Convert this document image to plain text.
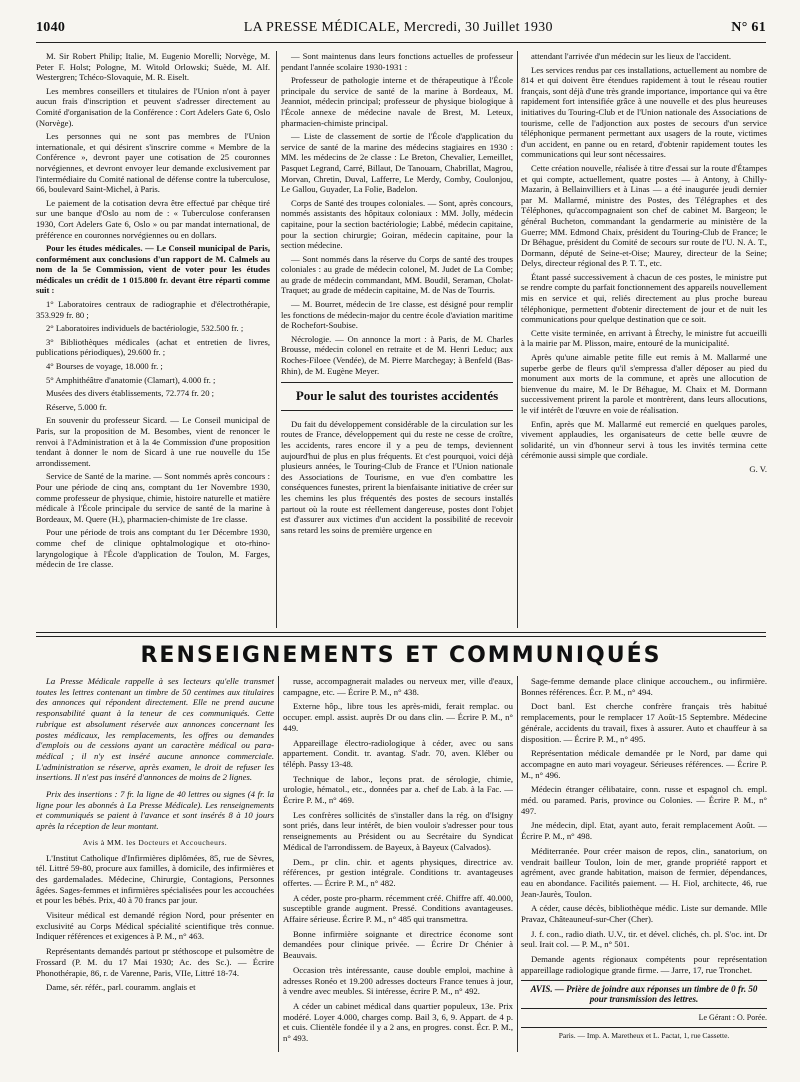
1040	LA PRESSE MÉDICALE, Mercredi, 30 Juillet 1930	N° 61

M. Sir Robert Philip; Italie, M. Eugenio Morelli; Norvège, M. Peter F. Holst; Pologne, M. Witold Orlowski; Suède, M. Alf. Westergren; Tchéco-Slovaquie, M. R. Eiselt.

Les membres conseillers et titulaires de l'Union n'ont à payer aucun frais d'inscription et peuvent s'adresser directement au Comité d'organisation de la Conférence : Cort Adelers Gate 6, Oslo (Norvège).

Les personnes qui ne sont pas membres de l'Union internationale, et qui désirent s'inscrire comme « Membre de la Conférence », devront payer une cotisation de 25 couronnes norvégiennes, et devront envoyer leur demande exclusivement par l'intermédiaire du Comité national de défense contre la tuberculose, 66, boulevard Saint-Michel, à Paris.

Le paiement de la cotisation devra être effectué par chèque tiré sur une banque d'Oslo au nom de : « Tuberculose conferansen 1930, Cort Adelers Gate 6, Oslo » ou par mandat international, de préférence en couronnes norvégiennes ou en dollars.

Pour les études médicales. — Le Conseil municipal de Paris, conformément aux conclusions d'un rapport de M. Calmels au nom de la 5e Commission, vient de voter pour les études médicales un crédit de 1 015.800 fr. devant être réparti comme suit :

1° Laboratoires centraux de radiographie et d'électrothérapie, 353.929 fr. 80 ;

2° Laboratoires individuels de bactériologie, 532.500 fr. ;

3° Bibliothèques médicales (achat et entretien de livres, publications périodiques), 29.600 fr. ;

4° Bourses de voyage, 18.000 fr. ;

5° Amphithéâtre d'anatomie (Clamart), 4.000 fr. ;

Musées des divers établissements, 72.774 fr. 20 ;

Réserve, 5.000 fr.

En souvenir du professeur Sicard. — Le Conseil municipal de Paris, sur la proposition de M. Besombes, vient de renoncer le renvoi à l'Administration et à la 4e Commission d'une proposition tendant à donner le nom de Sicard à une rue nouvelle du 15e arrondissement.

Service de Santé de la marine. — Sont nommés après concours : Pour une période de cinq ans, comptant du 1er Novembre 1930, comme professeur de physique, chimie, histoire naturelle et matière médicale à l'École principale du service de santé de la marine à Bordeaux, M. Quere (H.), pharmacien-chimiste de 1re classe.

Pour une période de trois ans comptant du 1er Décembre 1930, comme chef de clinique ophtalmologique et oto-rhino-laryngologique à l'École d'application de Toulon, M. Farges, médecin de 1re classe.

— Sont maintenus dans leurs fonctions actuelles de professeur pendant l'année scolaire 1930-1931 :

Professeur de pathologie interne et de thérapeutique à l'École principale du service de santé de la marine à Bordeaux, M. Jeanniot, médecin principal; professeur de physique biologique à l'École annexe de médecine navale de Brest, M. Leteux, pharmacien-chimiste principal.

— Liste de classement de sortie de l'École d'application du service de santé de la marine des médecins stagiaires en 1930 : MM. les médecins de 2e classe : Le Breton, Chevalier, Lemeillet, Pasquet Legrand, Carré, Billaut, De Tanouarn, Chabrillat, Magrou, Morvan, Chretin, Duval, Lafferre, Le Merdy, Comby, Coulonjou, Le Gallou, Guyader, La Folie, Badelon.

Corps de Santé des troupes coloniales. — Sont, après concours, nommés assistants des hôpitaux coloniaux : MM. Jolly, médecin capitaine, pour la section bactériologie; Labbé, médecin capitaine, pour la section chirurgie; Goiran, médecin capitaine, pour la section médecine.

— Sont nommés dans la réserve du Corps de santé des troupes coloniales : au grade de médecin colonel, M. Judet de La Combe; au grade de médecin commandant, MM. Boudil, Seraman, Cholat-Traquet; au grade de médecin capitaine, M. de Nas de Tourris.

— M. Bourret, médecin de 1re classe, est désigné pour remplir les fonctions de médecin-major du centre école d'aviation maritime de Rochefort-Soubise.

Nécrologie. — On annonce la mort : à Paris, de M. Charles Brousse, médecin colonel en retraite et de M. Henri Leduc; aux Roches-Filoee (Vendée), de M. Pierre Marchegay; à Benfeld (Bas-Rhin), de M. Eugène Meyer.

Pour le salut des touristes accidentés

Du fait du développement considérable de la circulation sur les routes de France, développement qui du reste ne cesse de croître, les accidents, rares encore il y a peu de temps, deviennent aujourd'hui de plus en plus fréquents. Et c'est pourquoi, voici déjà plusieurs années, le Touring-Club de France et l'Union nationale des Associations de Tourisme, en vue d'en combattre les conséquences funestes, prirent la bienfaisante initiative de créer sur les chemins les plus fréquentés des postes de secours installés partout où la route est réellement dangereuse, postes dont l'objet est d'assurer aux victimes d'un accident la possibilité de recevoir sans retard les soins de première urgence en

attendant l'arrivée d'un médecin sur les lieux de l'accident.

Les services rendus par ces installations, actuellement au nombre de 814 et qui doivent être étendues rapidement à tout le réseau routier français, sont déjà d'une très grande importance, importance qui va être rapidement fort intensifiée grâce à une nouvelle et des plus heureuses initiatives du Touring-Club et de l'Union nationale des Associations de tourisme, celle de l'adjonction aux postes de secours d'un service téléphonique permanent permettant aux usagers de la route, victimes d'un accident, en panne ou en retard, d'obtenir rapidement toutes les communications qui leur sont nécessaires.

Cette création nouvelle, réalisée à titre d'essai sur la route d'Étampes et qui compte, actuellement, quatre postes — à Antony, à Chilly-Mazarin, à Bellainvilliers et à Linas — a été inaugurée jeudi dernier par M. Mallarmé, ministre des Postes, des Télégraphes et des Téléphones, qu'accompagnaient son chef de cabinet M. Bargeon; le général Bucheton, commandant la gendarmerie au ministère de la Guerre; MM. Edmond Chaix, président du Touring-Club de France; le Dr Béhague, président du Comité de secours sur route de l'U. N. A. T., Dormann, député de Seine-et-Oise; Maurey, directeur de la Seine; Delys, directeur régional des P. T. T., etc.

Étant passé successivement à chacun de ces postes, le ministre put se rendre compte du parfait fonctionnement des appareils nouvellement mis en service et qui, reliés directement au plus proche bureau téléphonique, permettent d'obtenir directement de jour et de nuit les communications pour quelque destination que ce soit.

Cette visite terminée, en arrivant à Étrechy, le ministre fut accueilli à la mairie par M. Plisson, maire, entouré de la municipalité.

Après qu'une aimable petite fille eut remis à M. Mallarmé une superbe gerbe de fleurs qu'il s'empressa d'aller déposer au pied du monument aux morts de la commune, et après une allocution de bienvenue du maire, M. le Dr Béhague, M. Chaix et M. Dormann successivement prirent la parole et montrèrent, dans leurs allocutions, le vif intérêt de l'œuvre en voie de réalisation.

Enfin, après que M. Mallarmé eut remercié en quelques paroles, vivement applaudies, les organisateurs de cette belle œuvre de solidarité, un vin d'honneur servi à tous les invités termina cette cérémonie aussi simple que cordiale.

G. V.

RENSEIGNEMENTS ET COMMUNIQUÉS

La Presse Médicale rappelle à ses lecteurs qu'elle transmet toutes les lettres contenant un timbre de 50 centimes aux titulaires des annonces qui répondent directement. Elle ne prend aucune responsabilité quant à la teneur de ces communiqués. Cette rubrique est absolument réservée aux annonces concernant les postes médicaux, les remplacements, les offres ou demandes d'emplois ou de cessions ayant un caractère médical ou para-médical ; il n'y est inséré aucune annonce commerciale. L'administration se réserve, après examen, le droit de refuser les insertions. Il n'est pas inséré d'annonces de moins de 2 lignes.

Prix des insertions : 7 fr. la ligne de 40 lettres ou signes (4 fr. la ligne pour les abonnés à La Presse Médicale). Les renseignements et communiqués se paient à l'avance et sont insérés 8 à 10 jours après la réception de leur montant.

Avis à MM. les Docteurs et Accoucheurs.

L'Institut Catholique d'Infirmières diplômées, 85, rue de Sèvres, tél. Littré 59-80, procure aux familles, à domicile, des infirmières et des gardemalades. Médecine, Chirurgie, Contagions, Personnes âgées. Sages-femmes et infirmières spécialisées pour les accouchées et pour les bébés. Prix, 40 à 70 francs par jour.

Visiteur médical est demandé région Nord, pour présenter en exclusivité au Corps Médical spécialité scientifique très connue. Indiquer références et exigences à P. M., n° 463.

Représentants demandés partout pr stéthoscope et pulsomètre de Frossard (P. M. du 17 Mai 1930; Ac. des Sc.). — Écrire Phonothérapie, 86, r. de Varenne, Paris, VIIe, Littré 18-74.

Dame, sér. référ., parl. couramm. anglais et

russe, accompagnerait malades ou nerveux mer, ville d'eaux, campagne, etc. — Écrire P. M., n° 438.

Externe hôp., libre tous les après-midi, ferait remplac. ou occuper. empl. assist. auprès Dr ou dans clin. — Écrire P. M., n° 449.

Appareillage électro-radiologique à céder, avec ou sans appartement. Condit. tr. avantag. S'adr. 70, aven. Kléber ou téléph. Passy 13-48.

Technique de labor., leçons prat. de sérologie, chimie, urologie, hématol., etc., données par a. chef de Lab. à la Fac. — Écrire P. M., n° 469.

Les confrères sollicités de s'installer dans la rég. on d'Isigny sont priés, dans leur intérêt, de bien vouloir s'adresser pour tous renseignements au Président ou au Secrétaire du Syndicat Médical de l'arrondissem. de Bayeux, à Bayeux (Calvados).

Dem., pr clin. chir. et agents physiques, directrice av. références, pr gestion intégrale. Conditions tr. avantageuses offertes. — Écrire P. M., n° 482.

A céder, poste pro-pharm. récemment créé. Chiffre aff. 40.000, susceptible grande augment. Pressé. Conditions avantageuses. Affaire sérieuse. Écrire P. M., n° 485 qui transmettra.

Bonne infirmière soignante et directrice économe sont demandées pour clinique privée. — Écrire Dr Chénier à Beauvais.

Occasion très intéressante, cause double emploi, machine à adresses Ronéo et 19.200 adresses docteurs France tenues à jour, à vendre avec meubles. Si intéresse, écrire P. M., n° 492.

A céder un cabinet médical dans quartier populeux, 13e. Prix modéré. Loyer 4.000, charges comp. Bail 3, 6, 9. Appart. de 4 p. et cuis. Clientèle fondée il y a 2 ans, en progres. const. Écr. P. M., n° 493.

Sage-femme demande place clinique accouchem., ou infirmière. Bonnes références. Écr. P. M., n° 494.

Doct banl. Est cherche confrère français très habitué remplacements, pour le remplacer 17 Août-15 Septembre. Médecine générale, accidents du travail, fixes à assurer. Auto et chauffeur à sa disposition. — Écrire P. M., n° 495.

Représentation médicale demandée pr le Nord, par dame qui accompagne en auto mari voyageur. Sérieuses références. — Écrire P. M., n° 496.

Médecin étranger célibataire, conn. russe et espagnol ch. empl. méd. ou paramed. Paris, province ou Colonies. — Écrire P. M., n° 497.

Jne médecin, dipl. Etat, ayant auto, ferait remplacement Août. — Écrire P. M., n° 498.

Méditerranée. Pour créer maison de repos, clin., sanatorium, on vendrait bailleur Toulon, loin de mer, grande propriété rapport et agrément, avec grande habitation, maison de fermier, dépendances, eau en abondance. Facilités paiement. — H. Fiol, architecte, 46, rue Jean-Jaurès, Toulon.

A céder, cause décès, bibliothèque médic. Liste sur demande. Mlle Pravaz, Châteauneuf-sur-Cher (Cher).

J. f. con., radio diath. U.V., tir. et dével. clichés, ch. pl. S'oc. int. Dr seul. Irait col. — P. M., n° 501.

Demande agents régionaux compétents pour représentation appareillage radiologique grande firme. — Jarre, 17, rue Tronchet.

AVIS. — Prière de joindre aux réponses un timbre de 0 fr. 50 pour transmission des lettres.
Le Gérant : O. Porée.
Paris. — Imp. A. Maretheux et L. Pactat, 1, rue Cassette.
